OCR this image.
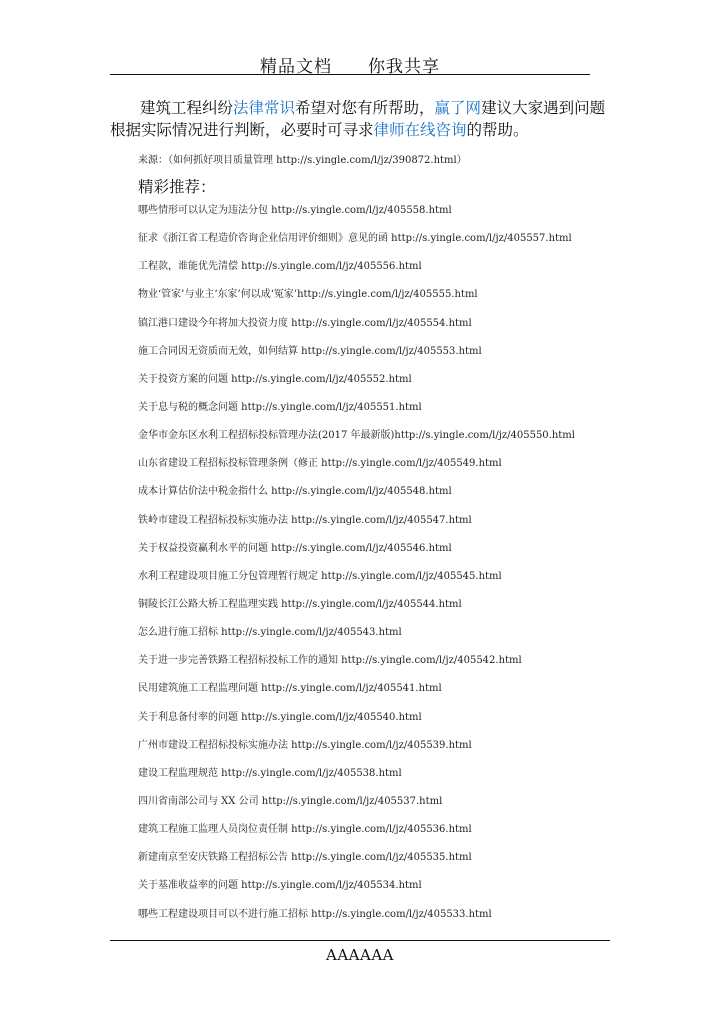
精品文档 你我共享
建筑工程纠纷法律常识希望对您有所帮助，赢了网建议大家遇到问题根据实际情况进行判断，必要时可寻求律师在线咨询的帮助。
来源：（如何抓好项目质量管理 http://s.yingle.com/l/jz/390872.html）
精彩推荐：
哪些情形可以认定为违法分包 http://s.yingle.com/l/jz/405558.html
征求《浙江省工程造价咨询企业信用评价细则》意见的函 http://s.yingle.com/l/jz/405557.html
工程款，谁能优先清偿 http://s.yingle.com/l/jz/405556.html
物业‘管家’与业主‘东家’何以成‘冤家’http://s.yingle.com/l/jz/405555.html
镇江港口建设今年将加大投资力度 http://s.yingle.com/l/jz/405554.html
施工合同因无资质而无效，如何结算 http://s.yingle.com/l/jz/405553.html
关于投资方案的问题 http://s.yingle.com/l/jz/405552.html
关于息与税的概念问题 http://s.yingle.com/l/jz/405551.html
金华市金东区水利工程招标投标管理办法(2017 年最新版)http://s.yingle.com/l/jz/405550.html
山东省建设工程招标投标管理条例（修正 http://s.yingle.com/l/jz/405549.html
成本计算估价法中税金指什么 http://s.yingle.com/l/jz/405548.html
铁岭市建设工程招标投标实施办法 http://s.yingle.com/l/jz/405547.html
关于权益投资赢利水平的问题 http://s.yingle.com/l/jz/405546.html
水利工程建设项目施工分包管理暂行规定 http://s.yingle.com/l/jz/405545.html
铜陵长江公路大桥工程监理实践 http://s.yingle.com/l/jz/405544.html
怎么进行施工招标 http://s.yingle.com/l/jz/405543.html
关于进一步完善铁路工程招标投标工作的通知 http://s.yingle.com/l/jz/405542.html
民用建筑施工工程监理问题 http://s.yingle.com/l/jz/405541.html
关于利息备付率的问题 http://s.yingle.com/l/jz/405540.html
广州市建设工程招标投标实施办法 http://s.yingle.com/l/jz/405539.html
建设工程监理规范 http://s.yingle.com/l/jz/405538.html
四川省南部公司与 XX 公司 http://s.yingle.com/l/jz/405537.html
建筑工程施工监理人员岗位责任制 http://s.yingle.com/l/jz/405536.html
新建南京至安庆铁路工程招标公告 http://s.yingle.com/l/jz/405535.html
关于基准收益率的问题 http://s.yingle.com/l/jz/405534.html
哪些工程建设项目可以不进行施工招标 http://s.yingle.com/l/jz/405533.html
AAAAAA
